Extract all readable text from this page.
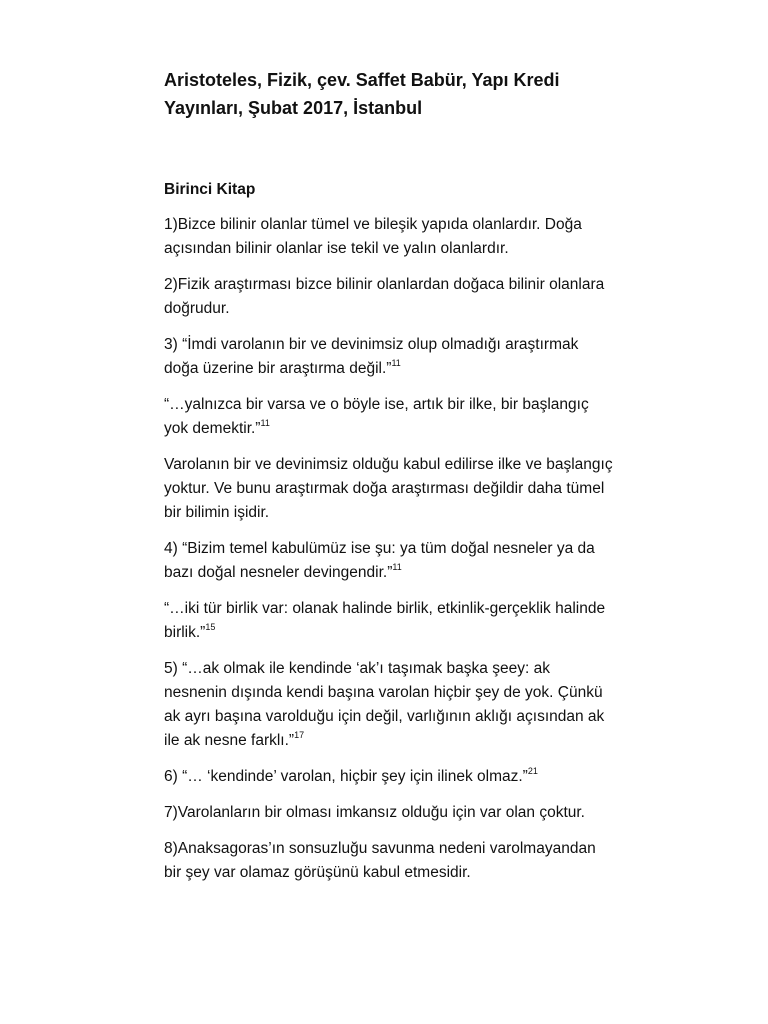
Aristoteles, Fizik, çev. Saffet Babür, Yapı Kredi Yayınları, Şubat 2017, İstanbul
Birinci Kitap

1)Bizce bilinir olanlar tümel ve bileşik yapıda olanlardır. Doğa açısından bilinir olanlar ise tekil ve yalın olanlardır.

2)Fizik araştırması bizce bilinir olanlardan doğaca bilinir olanlara doğrudur.

3) “İmdi varolanın bir ve devinimsiz olup olmadığı araştırmak doğa üzerine bir araştırma değil.”$^{11}$

“…yalnızca bir varsa ve o böyle ise, artık bir ilke, bir başlangıç yok demektir.”$^{11}$

Varolanın bir ve devinimsiz olduğu kabul edilirse ilke ve başlangıç yoktur. Ve bunu araştırmak doğa araştırması değildir daha tümel bir bilimin işidir.

4) “Bizim temel kabulümüz ise şu: ya tüm doğal nesneler ya da bazı doğal nesneler devingendir.”$^{11}$

“…iki tür birlik var: olanak halinde birlik, etkinlik-gerçeklik halinde birlik.”$^{15}$

5) “…ak olmak ile kendinde ‘ak’ı taşımak başka şeey: ak nesnenin dışında kendi başına varolan hiçbir şey de yok. Çünkü ak ayrı başına varolduğu için değil, varlığının aklığı açısından ak ile ak nesne farklı.”$^{17}$

6) “… ‘kendinde’ varolan, hiçbir şey için ilinek olmaz.”$^{21}$

7)Varolanların bir olması imkansız olduğu için var olan çoktur.

8)Anaksagoras’ın sonsuzluğu savunma nedeni varolmayandan bir şey var olamaz görüşünü kabul etmesidir.
